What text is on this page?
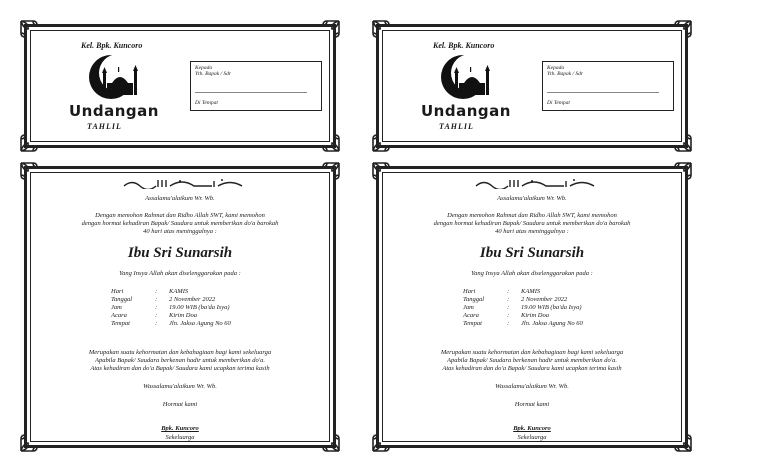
Kel. Bpk. Kuncoro
Undangan
TAHLIL
Kepada
Yth. Bapak / Sdr
Di Tempat
Assalamu'alaikum Wr. Wb.
Dengan memohon Rahmat dan Ridho Allah SWT, kami memohon
dengan hormat kehadiran Bapak/ Saudara untuk memberikan do'a barokah
40 hari atas meninggalnya :
Ibu Sri Sunarsih
Yang Insya Allah akan diselenggarakan pada :
Hari	:	KAMIS
Tanggal	:	2 November 2022
Jam	:	19.00 WIB (ba'da Isya)
Acara	:	Kirim Doa
Tempat	:	Jln. Jaksa Agung No 60
Merupakan suatu kehormatan dan kebahagiaan bagi kami sekeluarga
Apabila Bapak/ Saudara berkenan hadir untuk memberikan do'a.
Atas kehadiran dan do'a Bapak/ Saudara kami ucapkan terima kasih
Wassalamu'alaikum Wr. Wb.
Hormat kami
Bpk. Kuncoro
Sekeluarga
Kel. Bpk. Kuncoro
Undangan
TAHLIL
Kepada
Yth. Bapak / Sdr
Di Tempat
Assalamu'alaikum Wr. Wb.
Dengan memohon Rahmat dan Ridho Allah SWT, kami memohon
dengan hormat kehadiran Bapak/ Saudara untuk memberikan do'a barokah
40 hari atas meninggalnya :
Ibu Sri Sunarsih
Yang Insya Allah akan diselenggarakan pada :
Hari	:	KAMIS
Tanggal	:	2 November 2022
Jam	:	19.00 WIB (ba'da Isya)
Acara	:	Kirim Doa
Tempat	:	Jln. Jaksa Agung No 60
Merupakan suatu kehormatan dan kebahagiaan bagi kami sekeluarga
Apabila Bapak/ Saudara berkenan hadir untuk memberikan do'a.
Atas kehadiran dan do'a Bapak/ Saudara kami ucapkan terima kasih
Wassalamu'alaikum Wr. Wb.
Hormat kami
Bpk. Kuncoro
Sekeluarga
